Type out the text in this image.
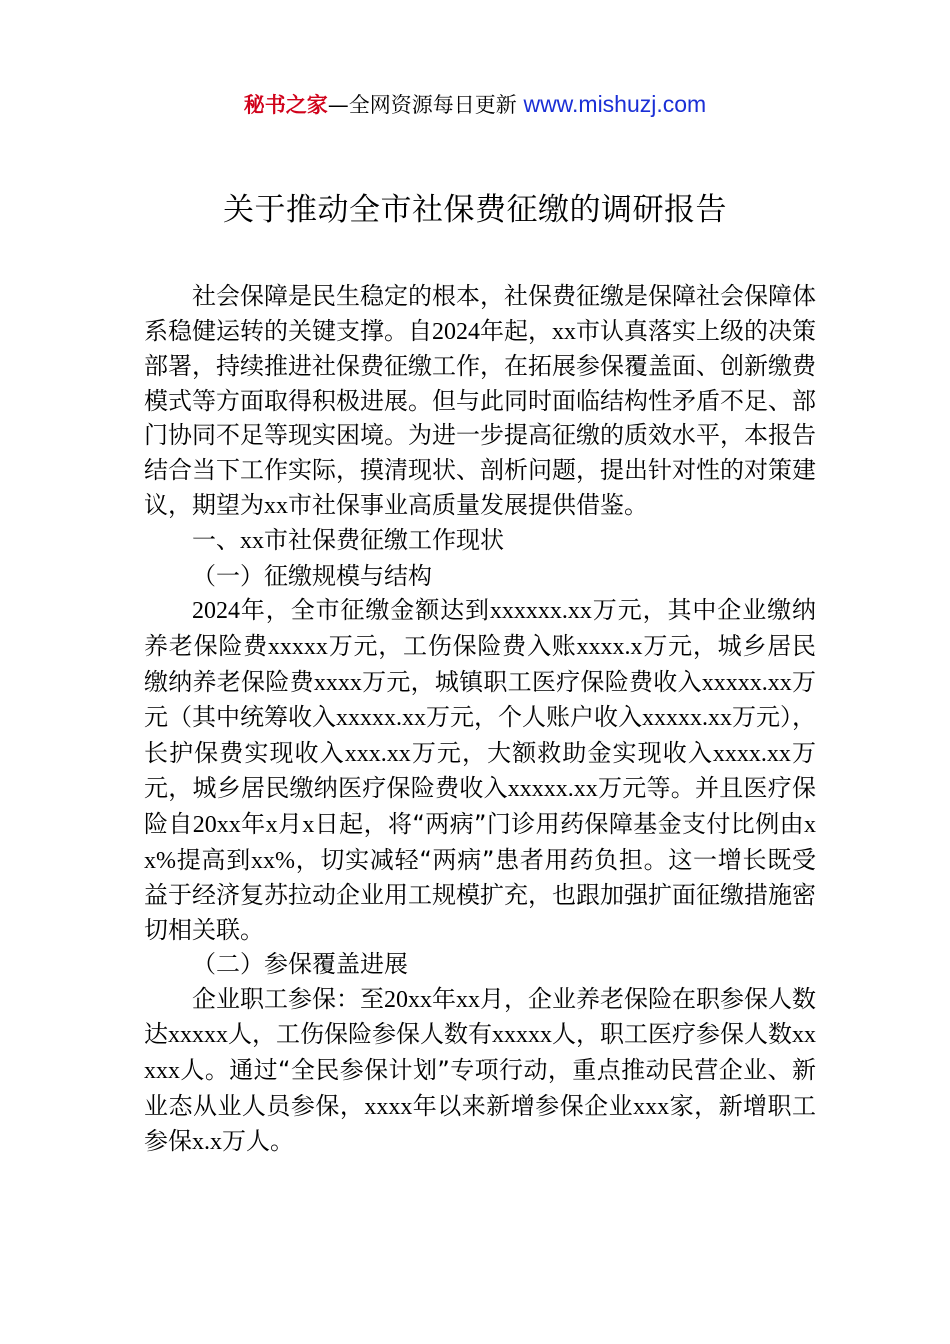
秘书之家—全网资源每日更新 www.mishuzj.com
关于推动全市社保费征缴的调研报告

社会保障是民生稳定的根本，社保费征缴是保障社会保障体系稳健运转的关键支撑。自2024年起，xx市认真落实上级的决策部署，持续推进社保费征缴工作，在拓展参保覆盖面、创新缴费模式等方面取得积极进展。但与此同时面临结构性矛盾不足、部门协同不足等现实困境。为进一步提高征缴的质效水平，本报告结合当下工作实际，摸清现状、剖析问题，提出针对性的对策建议，期望为xx市社保事业高质量发展提供借鉴。

一、xx市社保费征缴工作现状

（一）征缴规模与结构

2024年，全市征缴金额达到xxxxxx.xx万元，其中企业缴纳养老保险费xxxxx万元，工伤保险费入账xxxx.x万元，城乡居民缴纳养老保险费xxxx万元，城镇职工医疗保险费收入xxxxx.xx万元（其中统筹收入xxxxx.xx万元，个人账户收入xxxxx.xx万元），长护保费实现收入xxx.xx万元，大额救助金实现收入xxxx.xx万元，城乡居民缴纳医疗保险费收入xxxxx.xx万元等。并且医疗保险自20xx年x月x日起，将“两病”门诊用药保障基金支付比例由xx%提高到xx%，切实减轻“两病”患者用药负担。这一增长既受益于经济复苏拉动企业用工规模扩充，也跟加强扩面征缴措施密切相关联。

（二）参保覆盖进展

企业职工参保：至20xx年xx月，企业养老保险在职参保人数达xxxxx人，工伤保险参保人数有xxxxx人，职工医疗参保人数xxxxx人。通过“全民参保计划”专项行动，重点推动民营企业、新业态从业人员参保，xxxx年以来新增参保企业xxx家，新增职工参保x.x万人。
